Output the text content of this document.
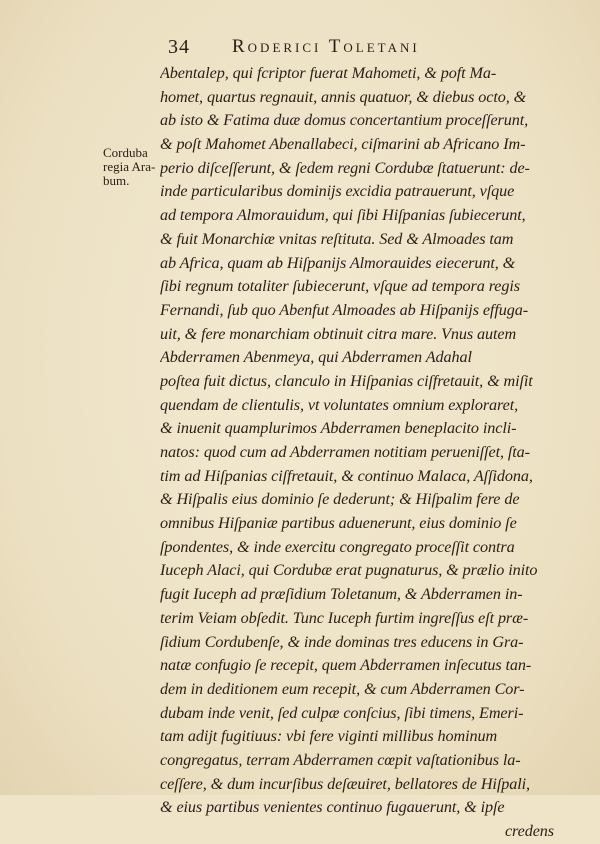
34 Roderici Toletani
Corduba
regia Ara-
bum.
Abentalep, qui fcriptor fuerat Mahometi, & poft Ma-
homet, quartus regnauit, annis quatuor, & diebus octo, &
ab isto & Fatima duæ domus concertantium proceſſerunt,
& poſt Mahomet Abenallabeci, ciſmarini ab Africano Im-
perio diſceſſerunt, & ſedem regni Cordubæ ſtatuerunt: de-
inde particularibus dominijs excidia patrauerunt, vſque
ad tempora Almorauidum, qui ſibi Hiſpanias ſubiecerunt,
& fuit Monarchiæ vnitas reſtituta. Sed & Almoades tam
ab Africa, quam ab Hiſpanijs Almorauides eiecerunt, &
ſibi regnum totaliter ſubiecerunt, vſque ad tempora regis
Fernandi, ſub quo Abenfut Almoades ab Hiſpanijs effuga-
uit, & fere monarchiam obtinuit citra mare. Vnus autem
Abderramen Abenmeya, qui Abderramen Adahal
poſtea fuit dictus, clanculo in Hiſpanias ciſfretauit, & miſit
quendam de clientulis, vt voluntates omnium exploraret,
& inuenit quamplurimos Abderramen beneplacito incli-
natos: quod cum ad Abderramen notitiam perueniſſet, ſta-
tim ad Hiſpanias ciſfretauit, & continuo Malaca, Aſſidona,
& Hiſpalis eius dominio ſe dederunt; & Hiſpalim fere de
omnibus Hiſpaniæ partibus aduenerunt, eius dominio ſe
ſpondentes, & inde exercitu congregato proceſſit contra
Iuceph Alaci, qui Cordubæ erat pugnaturus, & prælio inito
fugit Iuceph ad præſidium Toletanum, & Abderramen in-
terim Veiam obſedit. Tunc Iuceph furtim ingreſſus eſt præ-
ſidium Cordubenſe, & inde dominas tres educens in Gra-
natæ confugio ſe recepit, quem Abderramen inſecutus tan-
dem in deditionem eum recepit, & cum Abderramen Cor-
dubam inde venit, ſed culpæ conſcius, ſibi timens, Emeri-
tam adijt fugitiuus: vbi fere viginti millibus hominum
congregatus, terram Abderramen cœpit vaſtationibus la-
ceſſere, & dum incurſibus deſæuiret, bellatores de Hiſpali,
& eius partibus venientes continuo fugauerunt, & ipſe
credens
